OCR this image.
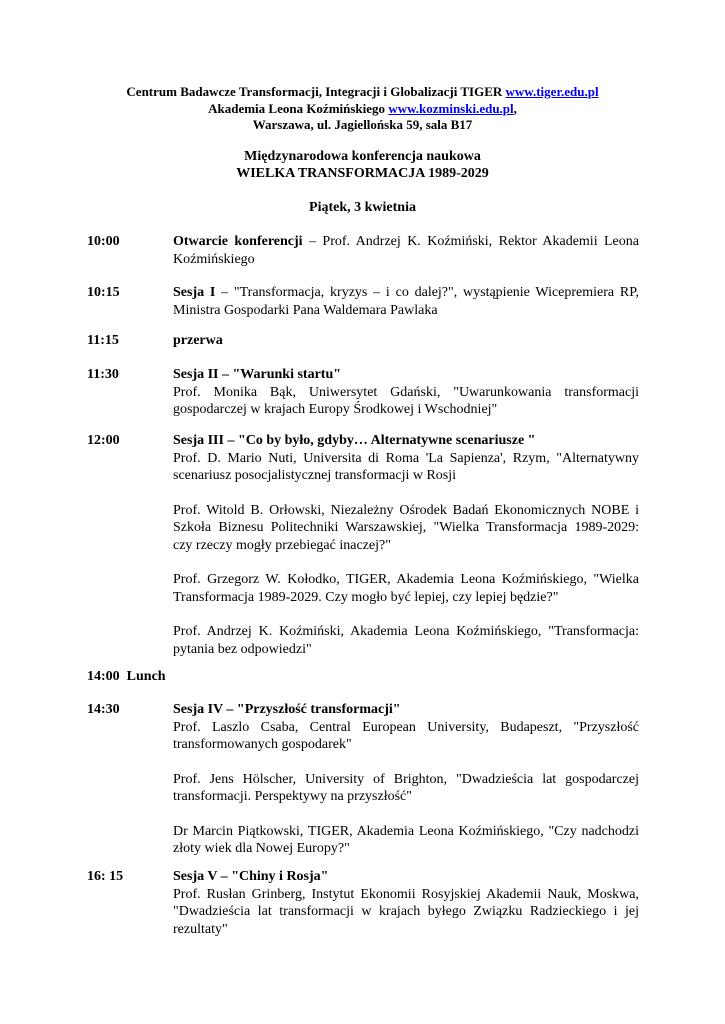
Centrum Badawcze Transformacji, Integracji i Globalizacji TIGER www.tiger.edu.pl
Akademia Leona Koźmińskiego www.kozminski.edu.pl,
Warszawa, ul. Jagiellońska 59, sala B17
Międzynarodowa konferencja naukowa
WIELKA TRANSFORMACJA 1989-2029
Piątek, 3 kwietnia
10:00	Otwarcie konferencji – Prof. Andrzej K. Koźmiński, Rektor Akademii Leona Koźmińskiego
10:15	Sesja I – "Transformacja, kryzys – i co dalej?", wystąpienie Wicepremiera RP, Ministra Gospodarki Pana Waldemara Pawlaka
11:15	przerwa
11:30	Sesja II – "Warunki startu"
Prof. Monika Bąk, Uniwersytet Gdański, "Uwarunkowania transformacji gospodarczej w krajach Europy Środkowej i Wschodniej"
12:00	Sesja III – "Co by było, gdyby… Alternatywne scenariusze "
Prof. D. Mario Nuti, Universita di Roma 'La Sapienza', Rzym, "Alternatywny scenariusz posocjalistycznej transformacji w Rosji
Prof. Witold B. Orłowski, Niezależny Ośrodek Badań Ekonomicznych NOBE i Szkoła Biznesu Politechniki Warszawskiej, "Wielka Transformacja 1989-2029: czy rzeczy mogły przebiegać inaczej?"
Prof. Grzegorz W. Kołodko, TIGER, Akademia Leona Koźmińskiego, "Wielka Transformacja 1989-2029. Czy mogło być lepiej, czy lepiej będzie?"
Prof. Andrzej K. Koźmiński, Akademia Leona Koźmińskiego, "Transformacja: pytania bez odpowiedzi"
14:00  Lunch
14:30	Sesja IV – "Przyszłość transformacji"
Prof. Laszlo Csaba, Central European University, Budapeszt, "Przyszłość transformowanych gospodarek"
Prof. Jens Hölscher, University of Brighton, "Dwadzieścia lat gospodarczej transformacji. Perspektywy na przyszłość"
Dr Marcin Piątkowski, TIGER, Akademia Leona Koźmińskiego, "Czy nadchodzi złoty wiek dla Nowej Europy?"
16: 15	Sesja V – "Chiny i Rosja"
Prof. Rusłan Grinberg, Instytut Ekonomii Rosyjskiej Akademii Nauk, Moskwa, "Dwadzieścia lat transformacji w krajach byłego Związku Radzieckiego i jej rezultaty"
